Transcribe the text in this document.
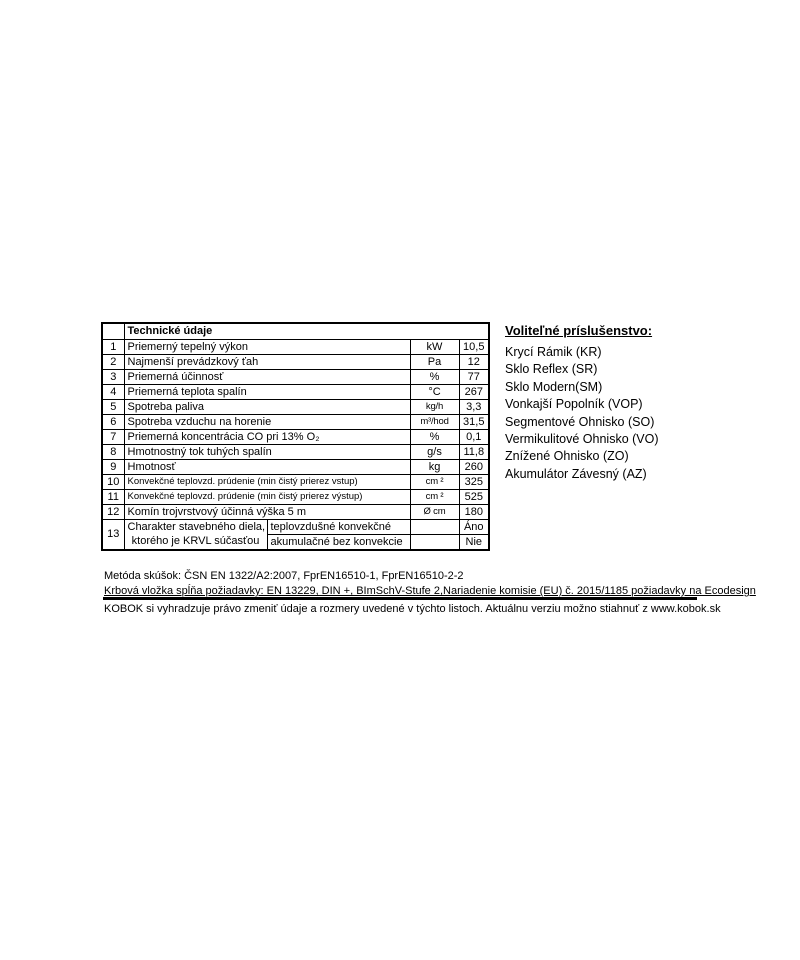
	Technické údaje			
1	Priemerný tepelný výkon		kW	10,5
2	Najmenší prevádzkový ťah		Pa	12
3	Priemerná účinnosť		%	77
4	Priemerná teplota spalín		°C	267
5	Spotreba paliva		kg/h	3,3
6	Spotreba vzduchu na horenie		m³/hod	31,5
7	Priemerná koncentrácia CO pri 13% O₂		%	0,1
8	Hmotnostný tok tuhých spalín		g/s	11,8
9	Hmotnosť		kg	260
10	Konvekčné teplovzd. prúdenie (min čistý prierez vstup)		cm ²	325
11	Konvekčné teplovzd. prúdenie (min čistý prierez výstup)		cm ²	525
12	Komín trojvrstvový účinná výška 5 m		Ø cm	180
13	Charakter stavebného diela,
ktorého je KRVL súčasťou	teplovzdušné konvekčné		Áno
		akumulačné bez konvekcie		Nie
Voliteľné príslušenstvo:
Krycí Rámik (KR)
Sklo Reflex (SR)
Sklo Modern(SM)
Vonkajší Popolník (VOP)
Segmentové Ohnisko (SO)
Vermikulitové Ohnisko (VO)
Znížené Ohnisko (ZO)
Akumulátor Závesný (AZ)
Metóda skúšok: ČSN EN 1322/A2:2007, FprEN16510-1, FprEN16510-2-2
Krbová vložka spĺňa požiadavky: EN 13229, DIN +, BImSchV-Stufe 2,Nariadenie komisie (EU) č. 2015/1185 požiadavky na Ecodesign
KOBOK si vyhradzuje právo zmeniť údaje a rozmery uvedené v týchto listoch. Aktuálnu verziu možno stiahnuť z www.kobok.sk
